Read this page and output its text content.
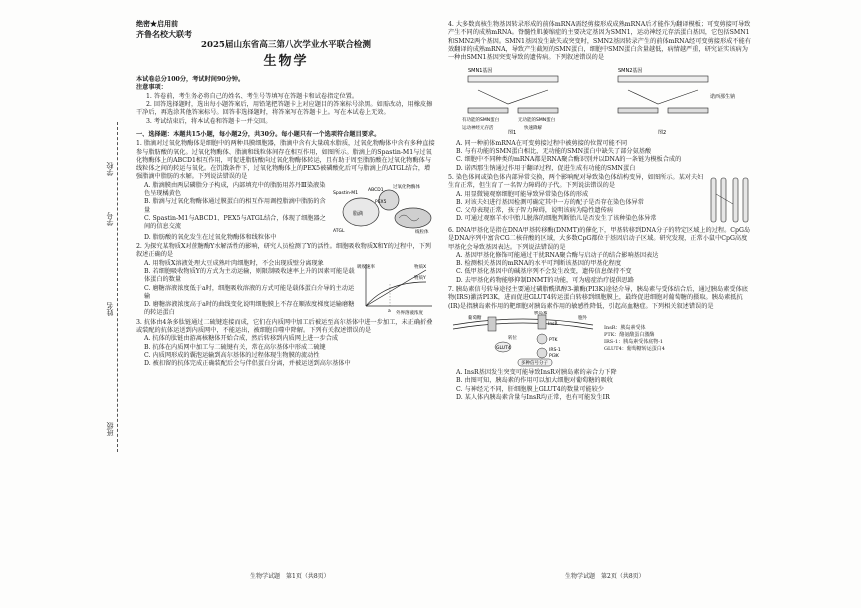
学校
班级
姓名
学号
绝密★启用前
齐鲁名校大联考
2025届山东省高三第八次学业水平联合检测
生物学
本试卷总分100分，考试时间90分钟。
注意事项：
1. 答卷前，考生务必将自己的姓名、考生号等填写在答题卡和试卷指定位置。
2. 回答选择题时，选出每小题答案后，用铅笔把答题卡上对应题目的答案标号涂黑。如需改动，用橡皮擦干净后，再选涂其他答案标号。回答非选择题时，将答案写在答题卡上。写在本试卷上无效。
3. 考试结束后，将本试卷和答题卡一并交回。
一、选择题：本题共15小题，每小题2分，共30分。每小题只有一个选项符合题目要求。
1. 脂滴对过氧化物酶体是细胞中的两种具膜细胞器，脂滴中含有大量疏水脂质，过氧化物酶体中含有多种直接参与脂肪酸的氧化。过氧化物酶体、脂滴和线粒体间存在相互作用，如图所示。脂滴上的Spastin-M1与过氧化物酶体上的ABCD1相互作用，可促进脂肪酸向过氧化物酶体转运，且有助于周至脂肪酸在过氧化物酶体与线粒体之间的转运与氧化。在饥饿条件下，过氧化物酶体上的PEX5被磷酸化后可与脂滴上的ATGL结合，增强脂滴中脂肪的水解。下列说法错误的是
A. 脂滴膜由两层磷脂分子构成，内部填充中的脂肪用苏丹Ⅲ染液染色呈现橘黄色
B. 脂滴与过氧化物酶体通过膜蛋白的相互作用调控脂滴中脂肪的含量
C. Spastin-M1与ABCD1、PEX5与ATGL结合，体现了细胞器之间的信息交流
脂滴
ABCD1
Spastin-M1
PEX5
ATGL
过氧化物酶体
线粒体
D. 脂肪酸的氧化发生在过氧化物酶体和线粒体中
2. 为探究某物质X对蔗糖酶Y水解活性的影响，研究人员检测了Y的活性。细胞吸收物质X和Y的过程中，下列叙述正确的是
A. 用物质X溶液处理大豆成熟叶肉细胞时，不会出现质壁分离现象
B. 若细胞吸收物质Y的方式为主动运输，则限制吸收速率上升的因素可能是载体蛋白的数量
C. 磨糖溶液浓度低于a时，细胞吸收溶液的方式可能是载体蛋白介导的主动运输
D. 磨糖溶液浓度高于a时的曲线变化说明细胞膜上不存在顺浓度梯度运输磨糖的转运蛋白
吸收速率
外界溶液浓度
物质X
物质Y
a
3. 抗体由4条多肽链通过二硫键连接而成，它们在内质网中加工后被运至高尔基体中进一步加工，未正确折叠或装配的抗体运送到内质网中，不能运出，被细胞自噬中降解。下列有关叙述错误的是
A. 抗体的肽链由游离核糖体开始合成，然后转移到内质网上进一步合成
B. 抗体在内质网中加工与二硫键有关，常在高尔基体中形成二硫键
C. 内质网形成的囊泡运输到高尔基体的过程体现生物膜的流动性
D. 被扣留的抗体完成正确装配后会与伴侣蛋白分离，并被运送到高尔基体中
4. 大多数真核生物基因转录形成的前体mRNA需经剪接形成成熟mRNA后才能作为翻译模板；可变剪接可导致产生不同的成熟mRNA。脊髓性肌萎缩症的主要决定基因为SMN1，运动神经元存活蛋白基因，它包括SMN1和SMN2两个基因。SMN1基因发生缺失或突变时，SMN2基因转录产生的前体mRNA经可变剪接形成不能有效翻译的成熟mRNA，导致产生截短的SMN蛋白，细胞中SMN蛋白含量越低，病情越严重，研究证实该病为一种由SMN1基因突变导致的遗传病。下列叙述错误的是
SMN1基因	SMN2基因
诺西那生钠
有功能的SMN蛋白	无功能的SMN蛋白
运动神经元存活	快速降解
图1	图2
A. 同一种前体mRNA在可变剪接过程中被剪接的位置可能不同
B. 与有功能的SMN蛋白相比，无功能的SMN蛋白中缺失了部分氨基酸
C. 细胞中不同种类的mRNA都是RNA聚合酶识别并以DNA的一条链为模板合成的
D. 诺西那生钠通过作用于翻译过程，促进生成有功能的SMN蛋白
5. 染色体间或染色体内部异常交换，两个影响配对导致染色体结构变异，如图所示。某对夫妇生育正常，但生育了一名智力障碍的子代。下列说法错误的是
A. 用显微镜观察细胞可能导致异常染色体的形成
B. 对该夫妇进行基因检测可确定其中一方的配子是否存在染色体异常
C. 父母表现正常，孩子智力障碍，说明该病为隐性遗传病
D. 可通过观察羊水中胎儿脱落的细胞判断胎儿是否发生了该种染色体异常
6. DNA甲基化是指在DNA甲基转移酶(DNMT)的催化下，甲基转移到DNA分子的特定区域上的过程。CpG岛是DNA序列中富含CG二核苷酸的区域，大多数CpG都位于基因启动子区域。研究发现，正常小鼠中CpG高度甲基化会导致基因表达。下列说法错误的是
A. 基因甲基化修饰可能通过干扰RNA聚合酶与启动子的结合影响基因表达
B. 检测相关基因的mRNA的水平可判断该基因的甲基化程度
C. 低甲基化基因中的碱基序列不会发生改变，遗传信息保持不变
D. 去甲基化药物能够抑制DNMT的功能，可为癌症治疗提供思路
7. 胰岛素信号转导途径主要通过磷脂酰肌醇3-激酶(PI3K)途径介导，胰岛素与受体结合后，通过胰岛素受体底物(IRS)激活PI3K，进而促进GLUT4转运蛋白转移到细胞膜上，最终促进细胞对葡萄糖的摄取。胰岛素抵抗(IR)是指胰岛素作用的靶细胞对胰岛素作用的敏感性降低，引起高血糖症。下列相关叙述错误的是
胰岛素
InsR
胞外
PTK
IRS-1
PI3K
GLUT4
转位
多种信号分子
葡萄糖
InsR：胰岛素受体
PTK：酪氨酸蛋白激酶
IRS-1：胰岛素受体底物-1
GLUT4：葡萄糖转运蛋白4
A. InsR基因发生突变可能导致InsR对胰岛素的亲合力下降
B. 由图可知，胰岛素的作用可以加大细胞对葡萄糖的吸收
C. 与神经元不同，肝细胞膜上GLUT4的数量可能较少
D. 某人体内胰岛素含量与InsR均正常，也有可能发生IR
生物学试题　第1页（共8页）	生物学试题　第2页（共8页）
